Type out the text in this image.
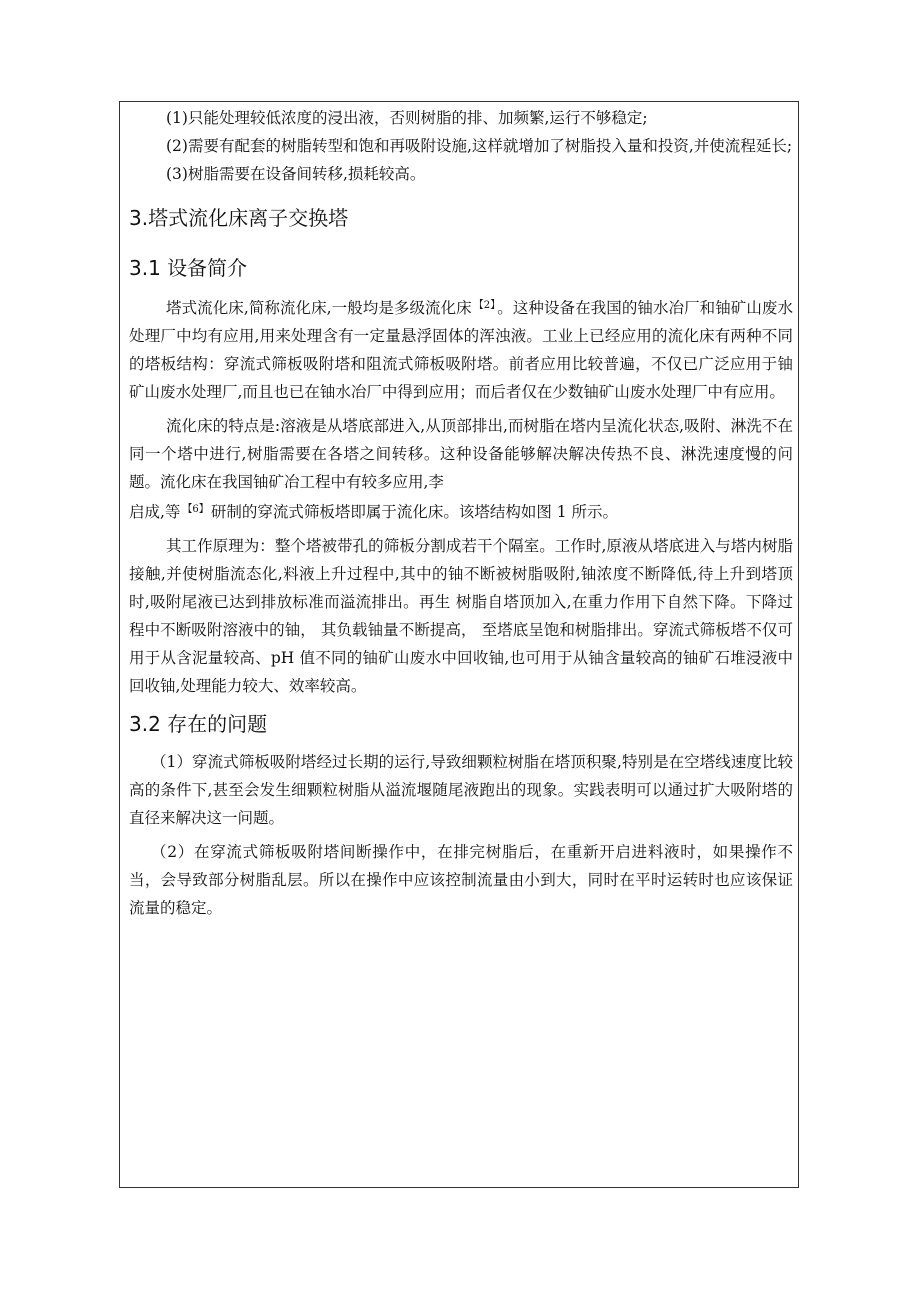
(1)只能处理较低浓度的浸出液，否则树脂的排、加频繁,运行不够稳定;

(2)需要有配套的树脂转型和饱和再吸附设施,这样就增加了树脂投入量和投资,并使流程延长;

(3)树脂需要在设备间转移,损耗较高。

3.塔式流化床离子交换塔
3.1 设备简介

塔式流化床,简称流化床,一般均是多级流化床 $^{【2】}$ 。这种设备在我国的铀水冶厂和铀矿山废水处理厂中均有应用,用来处理含有一定量悬浮固体的浑浊液。工业上已经应用的流化床有两种不同的塔板结构：穿流式筛板吸附塔和阻流式筛板吸附塔。前者应用比较普遍，不仅已广泛应用于铀矿山废水处理厂,而且也已在铀水冶厂中得到应用；而后者仅在少数铀矿山废水处理厂中有应用。

流化床的特点是:溶液是从塔底部进入,从顶部排出,而树脂在塔内呈流化状态,吸附、淋洗不在同一个塔中进行,树脂需要在各塔之间转移。这种设备能够解决解决传热不良、淋洗速度慢的问题。流化床在我国铀矿冶工程中有较多应用,李
启成,等 $^{【6】}$ 研制的穿流式筛板塔即属于流化床。该塔结构如图 1 所示。

其工作原理为：整个塔被带孔的筛板分割成若干个隔室。工作时,原液从塔底进入与塔内树脂接触,并使树脂流态化,料液上升过程中,其中的铀不断被树脂吸附,铀浓度不断降低,待上升到塔顶时,吸附尾液已达到排放标准而溢流排出。再生 树脂自塔顶加入,在重力作用下自然下降。下降过程中不断吸附溶液中的铀， 其负载铀量不断提高， 至塔底呈饱和树脂排出。穿流式筛板塔不仅可用于从含泥量较高、pH 值不同的铀矿山废水中回收铀,也可用于从铀含量较高的铀矿石堆浸液中回收铀,处理能力较大、效率较高。

3.2 存在的问题

（1）穿流式筛板吸附塔经过长期的运行,导致细颗粒树脂在塔顶积聚,特别是在空塔线速度比较高的条件下,甚至会发生细颗粒树脂从溢流堰随尾液跑出的现象。实践表明可以通过扩大吸附塔的直径来解决这一问题。

（2）在穿流式筛板吸附塔间断操作中，在排完树脂后，在重新开启进料液时，如果操作不当，会导致部分树脂乱层。所以在操作中应该控制流量由小到大，同时在平时运转时也应该保证流量的稳定。
